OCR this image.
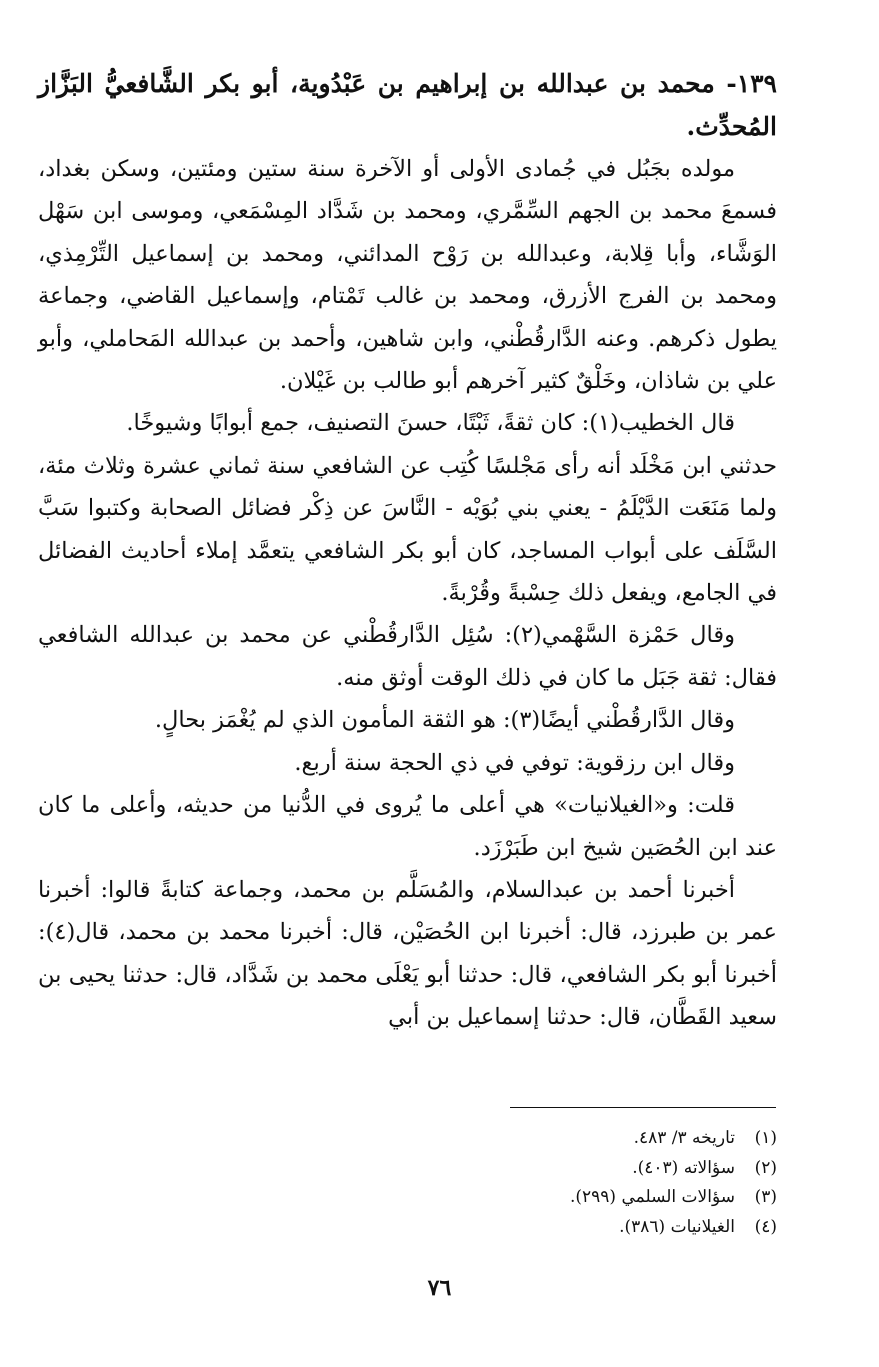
١٣٩- محمد بن عبدالله بن إبراهيم بن عَبْدُوية، أبو بكر الشَّافعيُّ البَزَّاز المُحدِّث.

مولده بجَبُل في جُمادى الأولى أو الآخرة سنة ستين ومئتين، وسكن بغداد، فسمعَ محمد بن الجهم السِّمَّري، ومحمد بن شَدَّاد المِسْمَعي، وموسى ابن سَهْل الوَشَّاء، وأبا قِلابة، وعبدالله بن رَوْح المدائني، ومحمد بن إسماعيل التِّرْمِذي، ومحمد بن الفرج الأزرق، ومحمد بن غالب تَمْتام، وإسماعيل القاضي، وجماعة يطول ذكرهم. وعنه الدَّارقُطْني، وابن شاهين، وأحمد بن عبدالله المَحاملي، وأبو علي بن شاذان، وخَلْقٌ كثير آخرهم أبو طالب بن غَيْلان.

قال الخطيب(١): كان ثقةً، ثَبْتًا، حسنَ التصنيف، جمع أبوابًا وشيوخًا.

حدثني ابن مَخْلَد أنه رأى مَجْلسًا كُتِب عن الشافعي سنة ثماني عشرة وثلاث مئة، ولما مَنَعَت الدَّيْلَمُ - يعني بني بُوَيْه - النَّاسَ عن ذِكْر فضائل الصحابة وكتبوا سَبَّ السَّلَف على أبواب المساجد، كان أبو بكر الشافعي يتعمَّد إملاء أحاديث الفضائل في الجامع، ويفعل ذلك حِسْبةً وقُرْبةً.

وقال حَمْزة السَّهْمي(٢): سُئِل الدَّارقُطْني عن محمد بن عبدالله الشافعي فقال: ثقة جَبَل ما كان في ذلك الوقت أوثق منه.

وقال الدَّارقُطْني أيضًا(٣): هو الثقة المأمون الذي لم يُغْمَز بحالٍ.

وقال ابن رزقوية: توفي في ذي الحجة سنة أربع.

قلت: و«الغيلانيات» هي أعلى ما يُروى في الدُّنيا من حديثه، وأعلى ما كان عند ابن الحُصَين شيخ ابن طَبَرْزَد.

أخبرنا أحمد بن عبدالسلام، والمُسَلَّم بن محمد، وجماعة كتابةً قالوا: أخبرنا عمر بن طبرزد، قال: أخبرنا ابن الحُصَيْن، قال: أخبرنا محمد بن محمد، قال(٤): أخبرنا أبو بكر الشافعي، قال: حدثنا أبو يَعْلَى محمد بن شَدَّاد، قال: حدثنا يحيى بن سعيد القَطَّان، قال: حدثنا إسماعيل بن أبي

(١)
تاريخه ٣/ ٤٨٣.
(٢)
سؤالاته (٤٠٣).
(٣)
سؤالات السلمي (٢٩٩).
(٤)
الغيلانيات (٣٨٦).
٧٦
